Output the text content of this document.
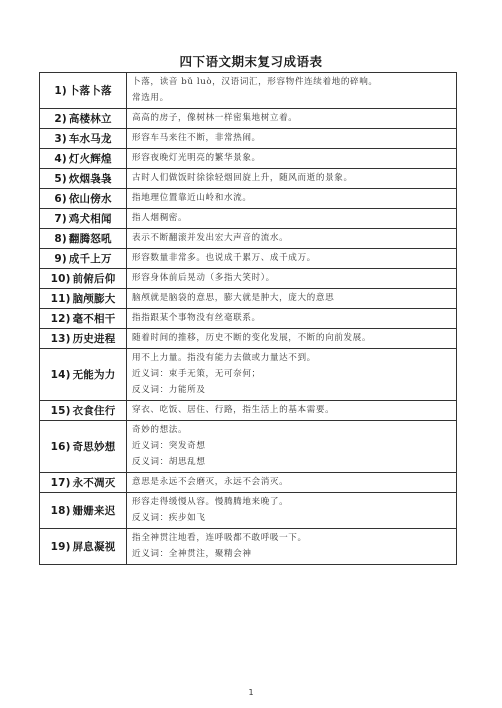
四下语文期末复习成语表
1) 卜落卜落	卜落，读音 bǔ luò，汉语词汇，形容物件连续着地的碎响。
常选用。

2) 高楼林立	高高的房子，像树林一样密集地树立着。

3) 车水马龙	形容车马来往不断，非常热闹。

4) 灯火辉煌	形容夜晚灯光明亮的繁华景象。

5) 炊烟袅袅	古时人们做饭时徐徐轻烟回旋上升，随风而逝的景象。

6) 依山傍水	指地理位置靠近山岭和水流。

7) 鸡犬相闻	指人烟稠密。

8) 翻腾怒吼	表示不断翻滚并发出宏大声音的流水。

9) 成千上万	形容数量非常多。也说成千累万、成千成万。

10) 前俯后仰	形容身体前后晃动（多指大笑时）。

11) 脑颅膨大	脑颅就是脑袋的意思，膨大就是肿大，庞大的意思

12) 毫不相干	指指跟某个事物没有丝毫联系。

13) 历史进程	随着时间的推移，历史不断的变化发展，不断的向前发展。

14) 无能为力	用不上力量。指没有能力去做或力量达不到。
近义词：束手无策，无可奈何；
反义词：力能所及

15) 衣食住行	穿衣、吃饭、居住、行路，指生活上的基本需要。

16) 奇思妙想	奇妙的想法。
近义词：突发奇想
反义词：胡思乱想

17) 永不凋灭	意思是永远不会磨灭，永远不会消灭。

18) 姗姗来迟	形容走得缓慢从容。慢腾腾地来晚了。
反义词：疾步如飞

19) 屏息凝视	指全神贯注地看，连呼吸都不敢呼吸一下。
近义词：全神贯注，聚精会神
1
